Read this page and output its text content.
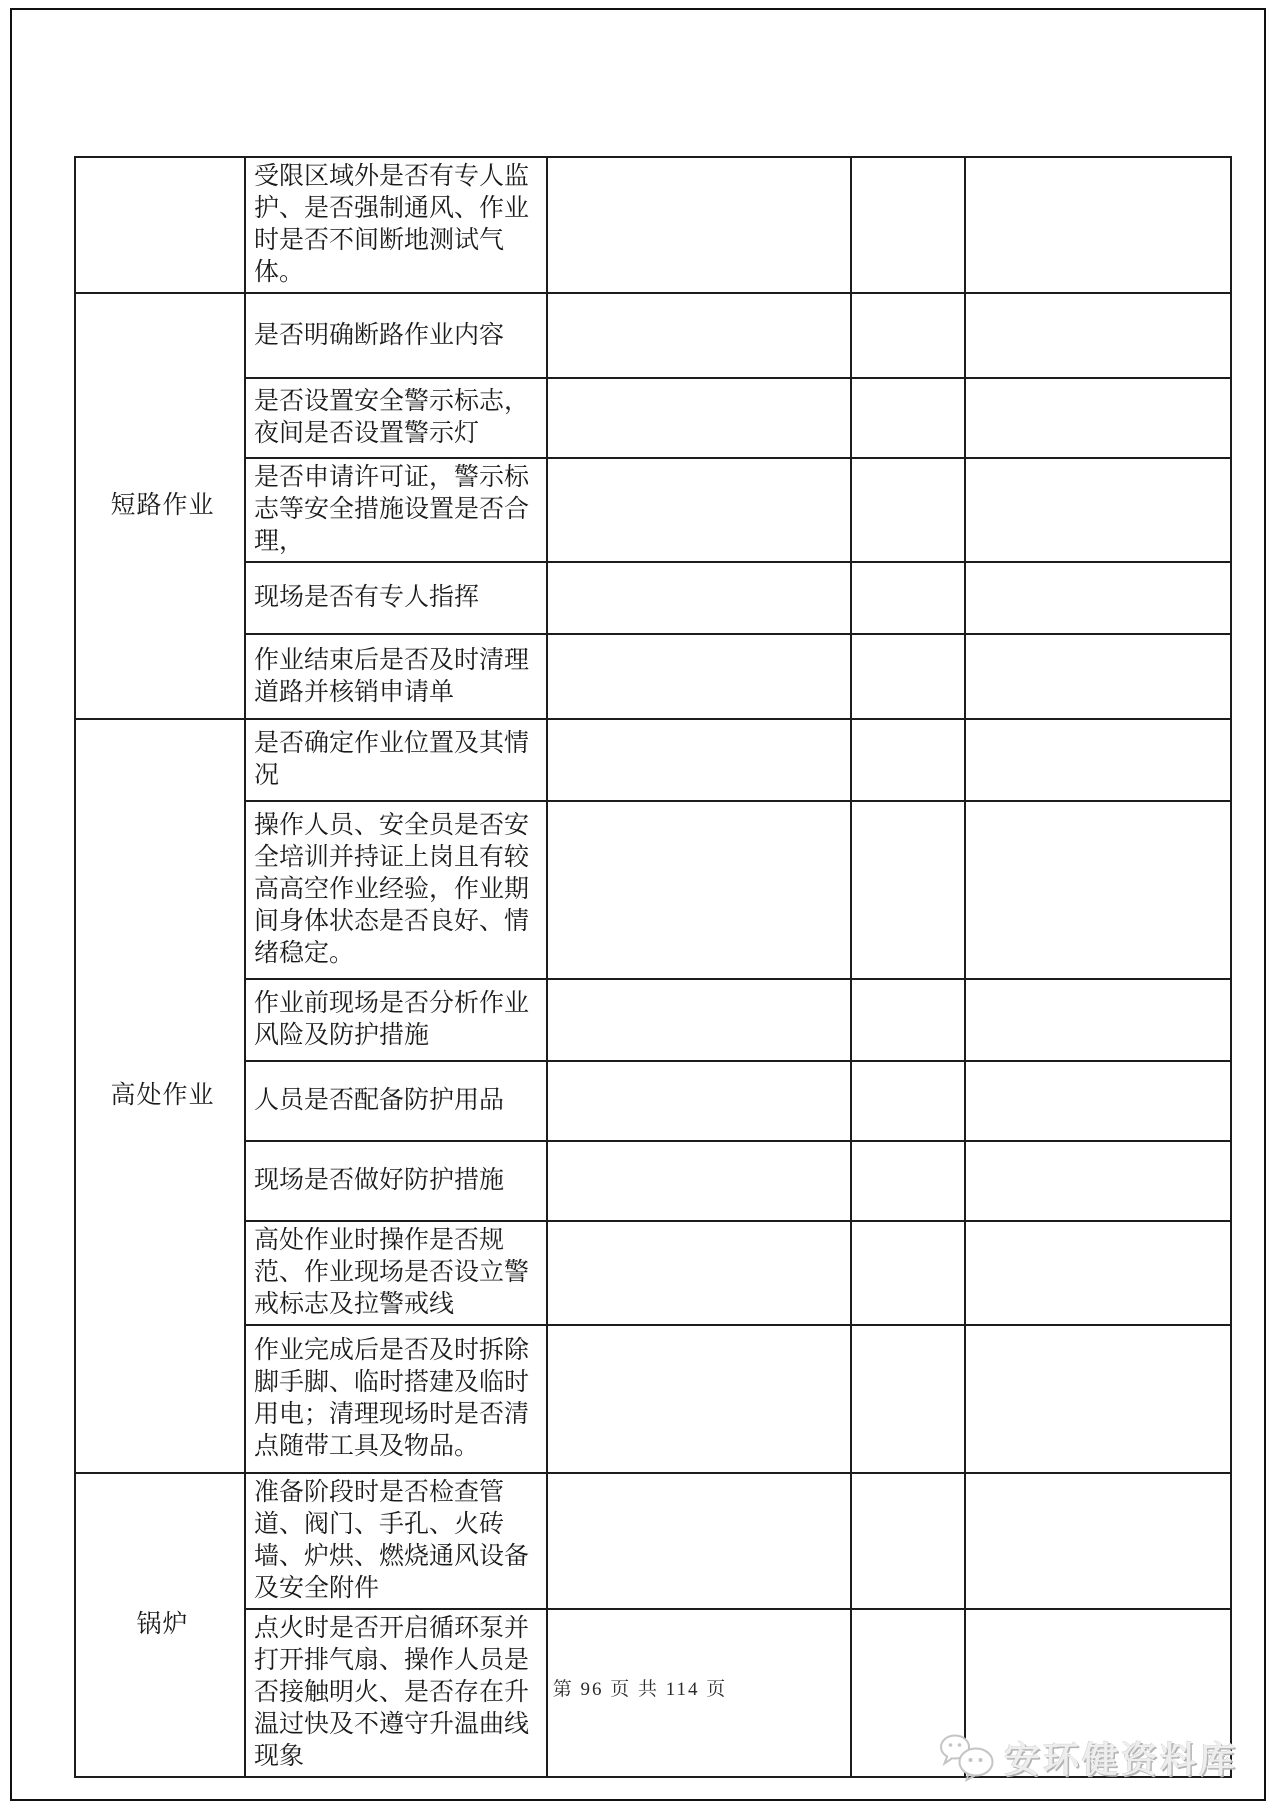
	受限区域外是否有专人监护、是否强制通风、作业时是否不间断地测试气体。			
短路作业	是否明确断路作业内容			
	是否设置安全警示标志，夜间是否设置警示灯			
	是否申请许可证，警示标志等安全措施设置是否合理，			
	现场是否有专人指挥			
	作业结束后是否及时清理道路并核销申请单			
高处作业	是否确定作业位置及其情况			
	操作人员、安全员是否安全培训并持证上岗且有较高高空作业经验，作业期间身体状态是否良好、情绪稳定。			
	作业前现场是否分析作业风险及防护措施			
	人员是否配备防护用品			
	现场是否做好防护措施			
	高处作业时操作是否规范、作业现场是否设立警戒标志及拉警戒线			
	作业完成后是否及时拆除脚手脚、临时搭建及临时用电；清理现场时是否清点随带工具及物品。			
锅炉	准备阶段时是否检查管道、阀门、手孔、火砖墙、炉烘、燃烧通风设备及安全附件			
	点火时是否开启循环泵并打开排气扇、操作人员是否接触明火、是否存在升温过快及不遵守升温曲线现象			
第 96 页 共 114 页
安环健资料库
